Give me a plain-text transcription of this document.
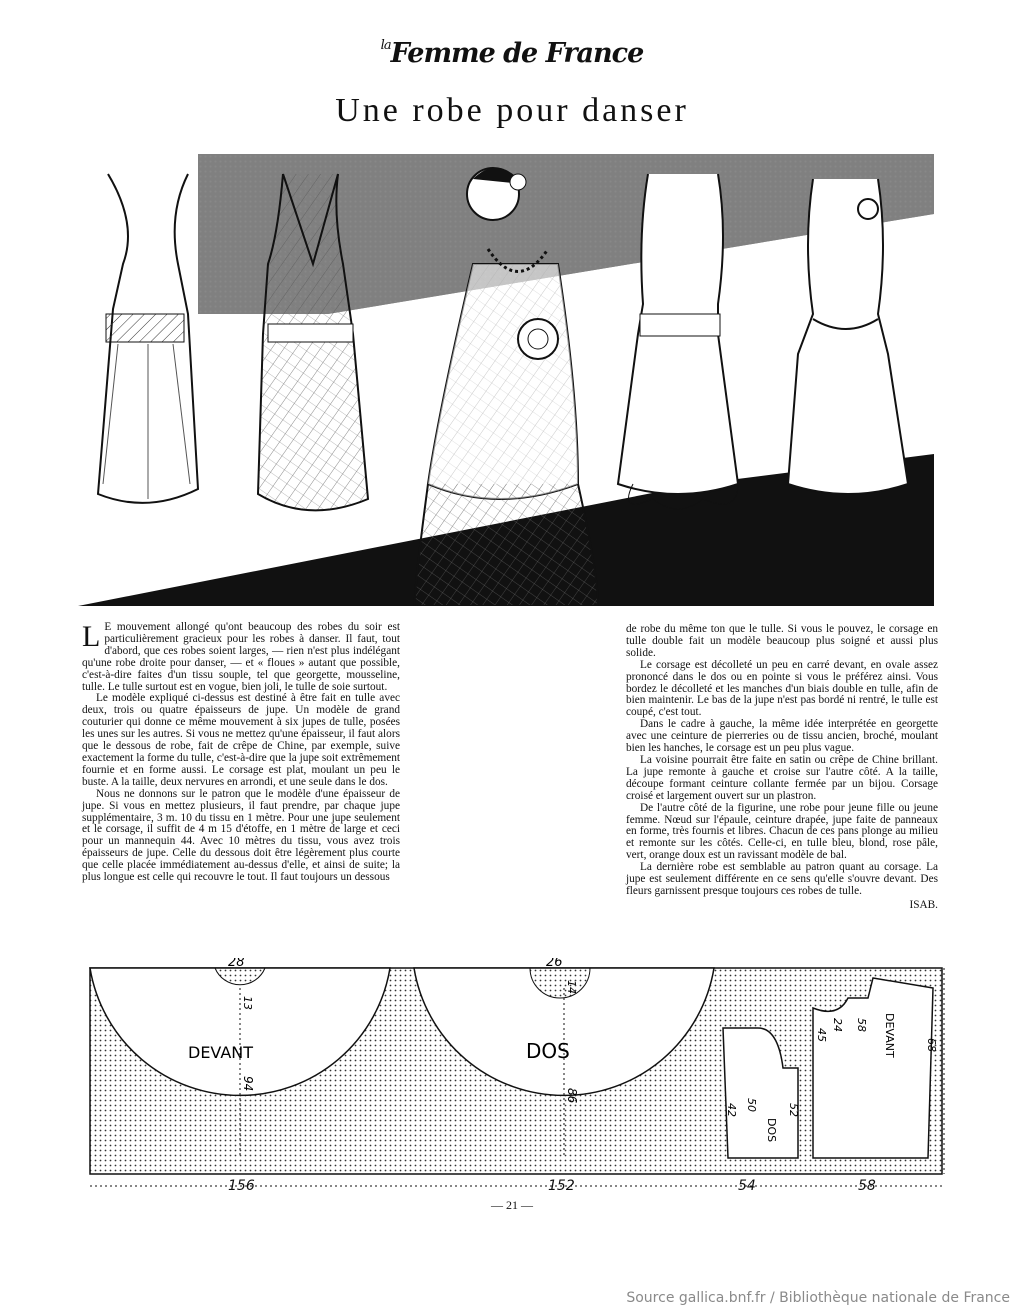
$^{la}$Femme de France
Une robe pour danser
L E mouvement allongé qu'ont beaucoup des robes du soir est particulièrement gracieux pour les robes à danser. Il faut, tout d'abord, que ces robes soient larges, — rien n'est plus indélégant qu'une robe droite pour danser, — et « floues » autant que possible, c'est-à-dire faites d'un tissu souple, tel que georgette, mousseline, tulle. Le tulle surtout est en vogue, bien joli, le tulle de soie surtout.

Le modèle expliqué ci-dessus est destiné à être fait en tulle avec deux, trois ou quatre épaisseurs de jupe. Un modèle de grand couturier qui donne ce même mouvement à six jupes de tulle, posées les unes sur les autres. Si vous ne mettez qu'une épaisseur, il faut alors que le dessous de robe, fait de crêpe de Chine, par exemple, suive exactement la forme du tulle, c'est-à-dire que la jupe soit extrêmement fournie et en forme aussi. Le corsage est plat, moulant un peu le buste. A la taille, deux nervures en arrondi, et une seule dans le dos.

Nous ne donnons sur le patron que le modèle d'une épaisseur de jupe. Si vous en mettez plusieurs, il faut prendre, par chaque jupe supplémentaire, 3 m. 10 du tissu en 1 mètre. Pour une jupe seulement et le corsage, il suffit de 4 m 15 d'étoffe, en 1 mètre de large et ceci pour un mannequin 44. Avec 10 mètres du tissu, vous avez trois épaisseurs de jupe. Celle du dessous doit être légèrement plus courte que celle placée immédiatement au-dessus d'elle, et ainsi de suite; la plus longue est celle qui recouvre le tout. Il faut toujours un dessous

de robe du même ton que le tulle. Si vous le pouvez, le corsage en tulle double fait un modèle beaucoup plus soigné et aussi plus solide.

Le corsage est décolleté un peu en carré devant, en ovale assez prononcé dans le dos ou en pointe si vous le préférez ainsi. Vous bordez le décolleté et les manches d'un biais double en tulle, afin de bien maintenir. Le bas de la jupe n'est pas bordé ni rentré, le tulle est coupé, c'est tout.

Dans le cadre à gauche, la même idée interprétée en georgette avec une ceinture de pierreries ou de tissu ancien, broché, moulant bien les hanches, le corsage est un peu plus vague.

La voisine pourrait être faite en satin ou crêpe de Chine brillant. La jupe remonte à gauche et croise sur l'autre côté. A la taille, découpe formant ceinture collante fermée par un bijou. Corsage croisé et largement ouvert sur un plastron.

De l'autre côté de la figurine, une robe pour jeune fille ou jeune femme. Nœud sur l'épaule, ceinture drapée, jupe faite de panneaux en forme, très fournis et libres. Chacun de ces pans plonge au milieu et remonte sur les côtés. Celle-ci, en tulle bleu, blond, rose pâle, vert, orange doux est un ravissant modèle de bal.

La dernière robe est semblable au patron quant au corsage. La jupe est seulement différente en ce sens qu'elle s'ouvre devant. Des fleurs garnissent presque toujours ces robes de tulle.

ISAB.
DEVANT	DOS
DOS
DEVANT
28
13
94
26
14
86
45
24 58
68
42 50	52
156	152	54	58
— 21 —
Source gallica.bnf.fr / Bibliothèque nationale de France
